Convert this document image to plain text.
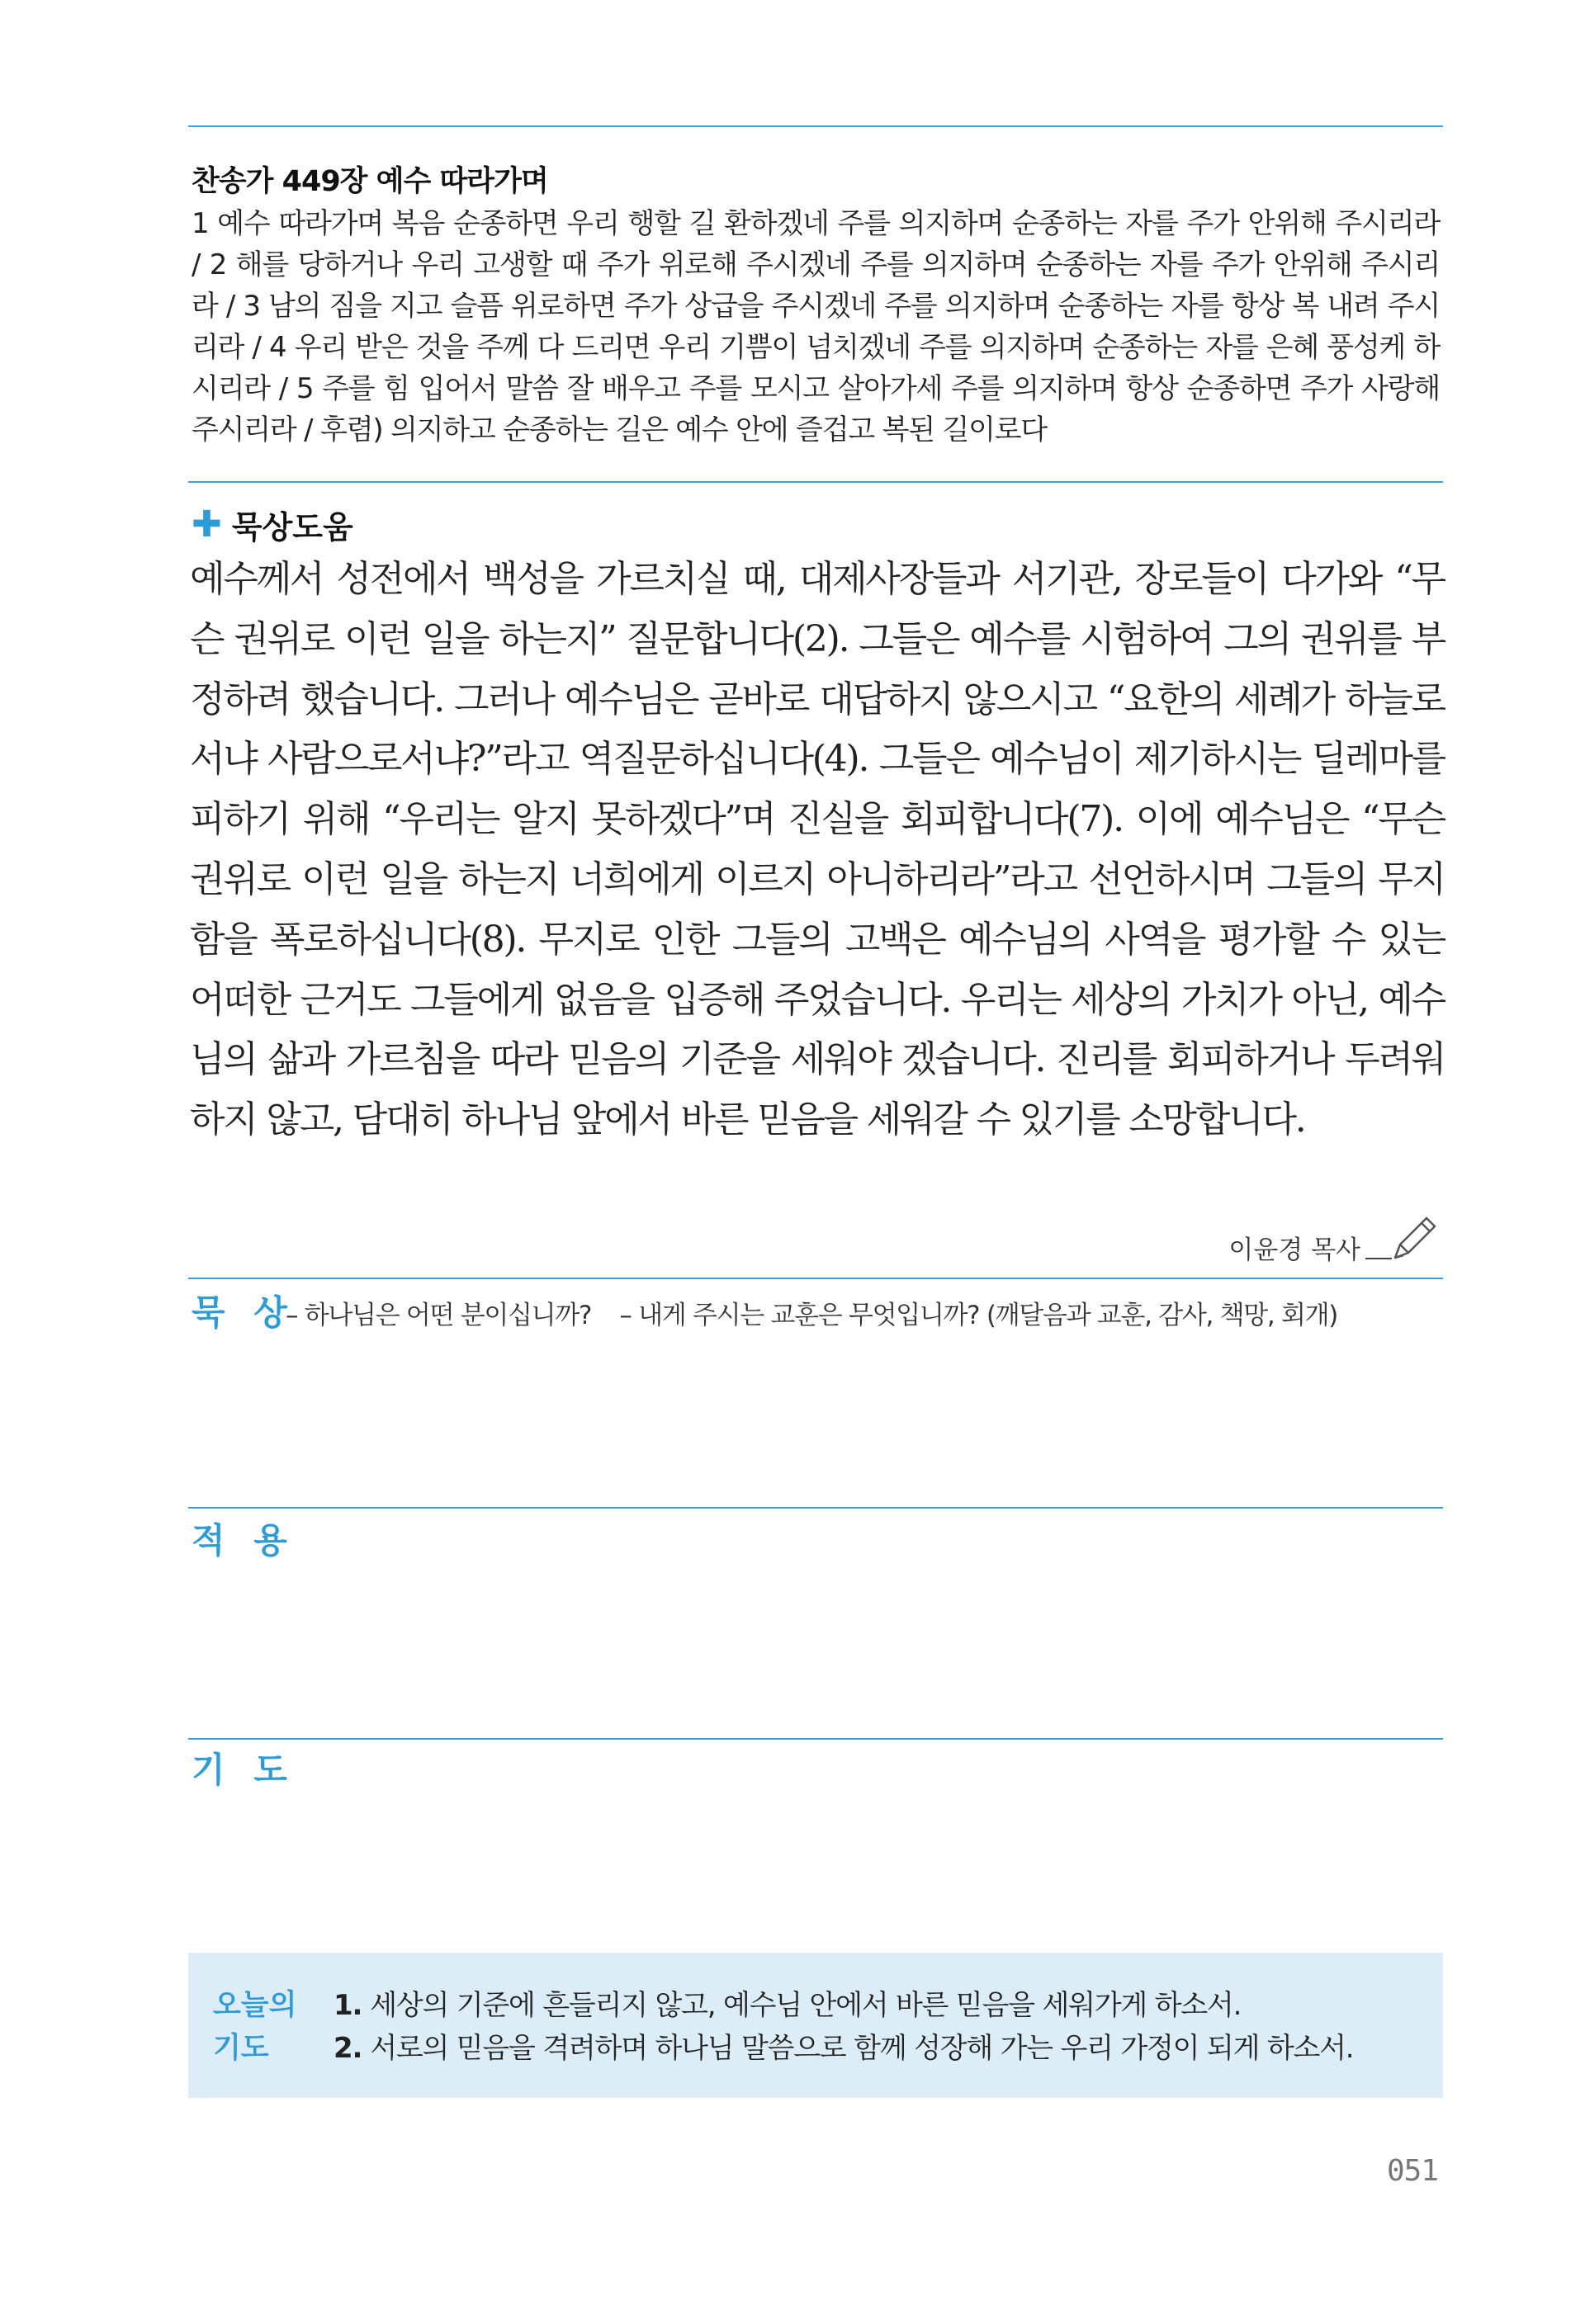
찬송가 449장 예수 따라가며
1 예수 따라가며 복음 순종하면 우리 행할 길 환하겠네 주를 의지하며 순종하는 자를 주가 안위해 주시리라 / 2 해를 당하거나 우리 고생할 때 주가 위로해 주시겠네 주를 의지하며 순종하는 자를 주가 안위해 주시리라 / 3 남의 짐을 지고 슬픔 위로하면 주가 상급을 주시겠네 주를 의지하며 순종하는 자를 항상 복 내려 주시리라 / 4 우리 받은 것을 주께 다 드리면 우리 기쁨이 넘치겠네 주를 의지하며 순종하는 자를 은혜 풍성케 하시리라 / 5 주를 힘 입어서 말씀 잘 배우고 주를 모시고 살아가세 주를 의지하며 항상 순종하면 주가 사랑해 주시리라 / 후렴) 의지하고 순종하는 길은 예수 안에 즐겁고 복된 길이로다
✚ 묵상도움
예수께서 성전에서 백성을 가르치실 때, 대제사장들과 서기관, 장로들이 다가와 “무슨 권위로 이런 일을 하는지” 질문합니다(2). 그들은 예수를 시험하여 그의 권위를 부정하려 했습니다. 그러나 예수님은 곧바로 대답하지 않으시고 “요한의 세례가 하늘로서냐 사람으로서냐?”라고 역질문하십니다(4). 그들은 예수님이 제기하시는 딜레마를 피하기 위해 “우리는 알지 못하겠다”며 진실을 회피합니다(7). 이에 예수님은 “무슨 권위로 이런 일을 하는지 너희에게 이르지 아니하리라”라고 선언하시며 그들의 무지함을 폭로하십니다(8). 무지로 인한 그들의 고백은 예수님의 사역을 평가할 수 있는 어떠한 근거도 그들에게 없음을 입증해 주었습니다. 우리는 세상의 가치가 아닌, 예수님의 삶과 가르침을 따라 믿음의 기준을 세워야 겠습니다. 진리를 회피하거나 두려워하지 않고, 담대히 하나님 앞에서 바른 믿음을 세워갈 수 있기를 소망합니다.
이윤경 목사
묵 상
– 하나님은 어떤 분이십니까?    – 내게 주시는 교훈은 무엇입니까? (깨달음과 교훈, 감사, 책망, 회개)
적 용
기 도
오늘의
기도
1. 세상의 기준에 흔들리지 않고, 예수님 안에서 바른 믿음을 세워가게 하소서.
2. 서로의 믿음을 격려하며 하나님 말씀으로 함께 성장해 가는 우리 가정이 되게 하소서.
051
